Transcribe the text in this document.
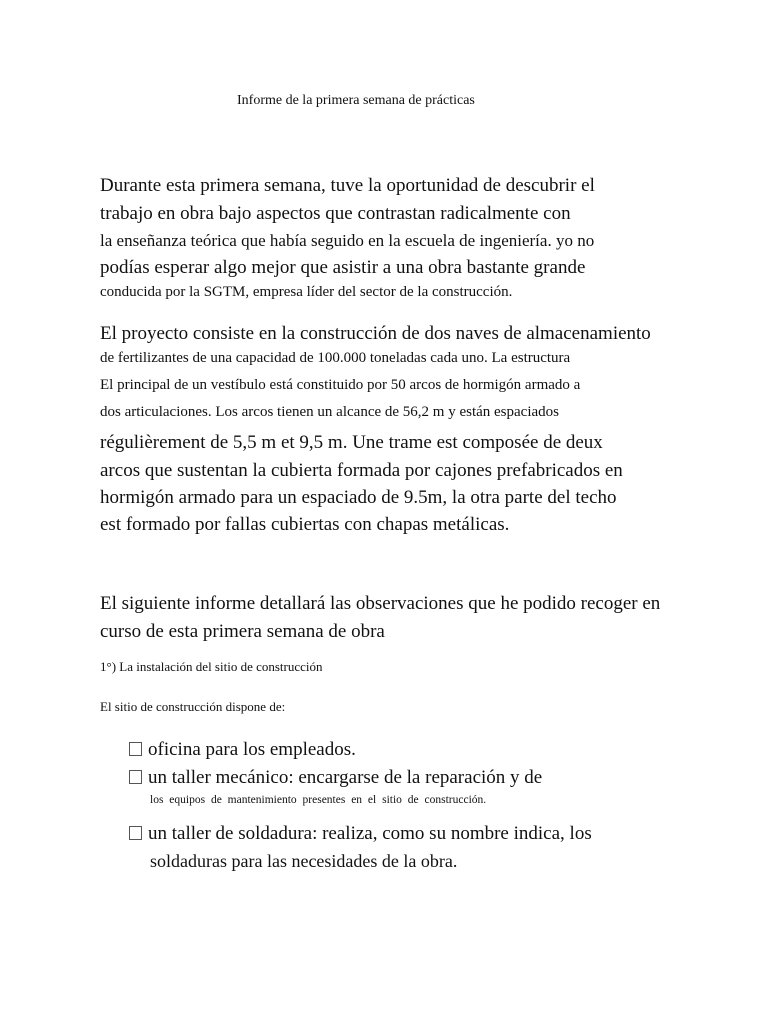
Informe de la primera semana de prácticas
Durante esta primera semana, tuve la oportunidad de descubrir el
trabajo en obra bajo aspectos que contrastan radicalmente con
la enseñanza teórica que había seguido en la escuela de ingeniería. yo no
podías esperar algo mejor que asistir a una obra bastante grande
conducida por la SGTM, empresa líder del sector de la construcción.
El proyecto consiste en la construcción de dos naves de almacenamiento
de fertilizantes de una capacidad de 100.000 toneladas cada uno. La estructura
El principal de un vestíbulo está constituido por 50 arcos de hormigón armado a
dos articulaciones. Los arcos tienen un alcance de 56,2 m y están espaciados
régulièrement de 5,5 m et 9,5 m. Une trame est composée de deux
arcos que sustentan la cubierta formada por cajones prefabricados en
hormigón armado para un espaciado de 9.5m, la otra parte del techo
est formado por fallas cubiertas con chapas metálicas.
El siguiente informe detallará las observaciones que he podido recoger en
curso de esta primera semana de obra
1°) La instalación del sitio de construcción
El sitio de construcción dispone de:
oficina para los empleados.
un taller mecánico: encargarse de la reparación y de
los equipos de mantenimiento presentes en el sitio de construcción.
un taller de soldadura: realiza, como su nombre indica, los
soldaduras para las necesidades de la obra.
